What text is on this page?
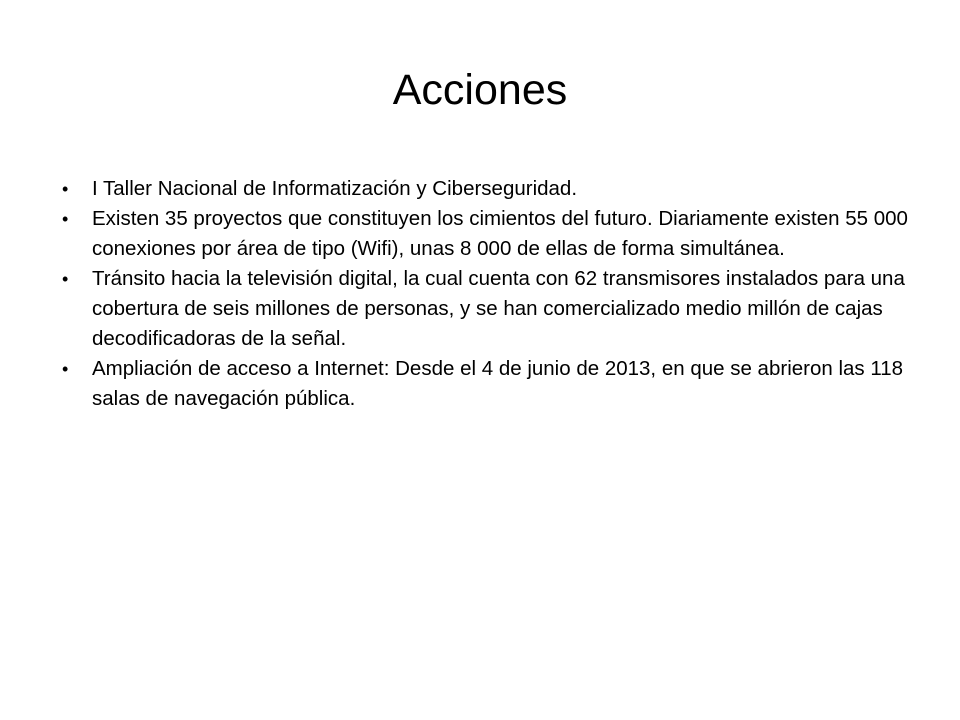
Acciones
• I Taller Nacional de Informatización y Ciberseguridad.
• Existen 35 proyectos que constituyen los cimientos del futuro. Diariamente existen 55 000 conexiones por área de tipo (Wifi), unas 8 000 de ellas de forma simultánea.
• Tránsito hacia la televisión digital, la cual cuenta con 62 transmisores instalados para una cobertura de seis millones de personas, y se han comercializado medio millón de cajas decodificadoras de la señal.
• Ampliación de acceso a Internet: Desde el 4 de junio de 2013, en que se abrieron las 118 salas de navegación pública.
